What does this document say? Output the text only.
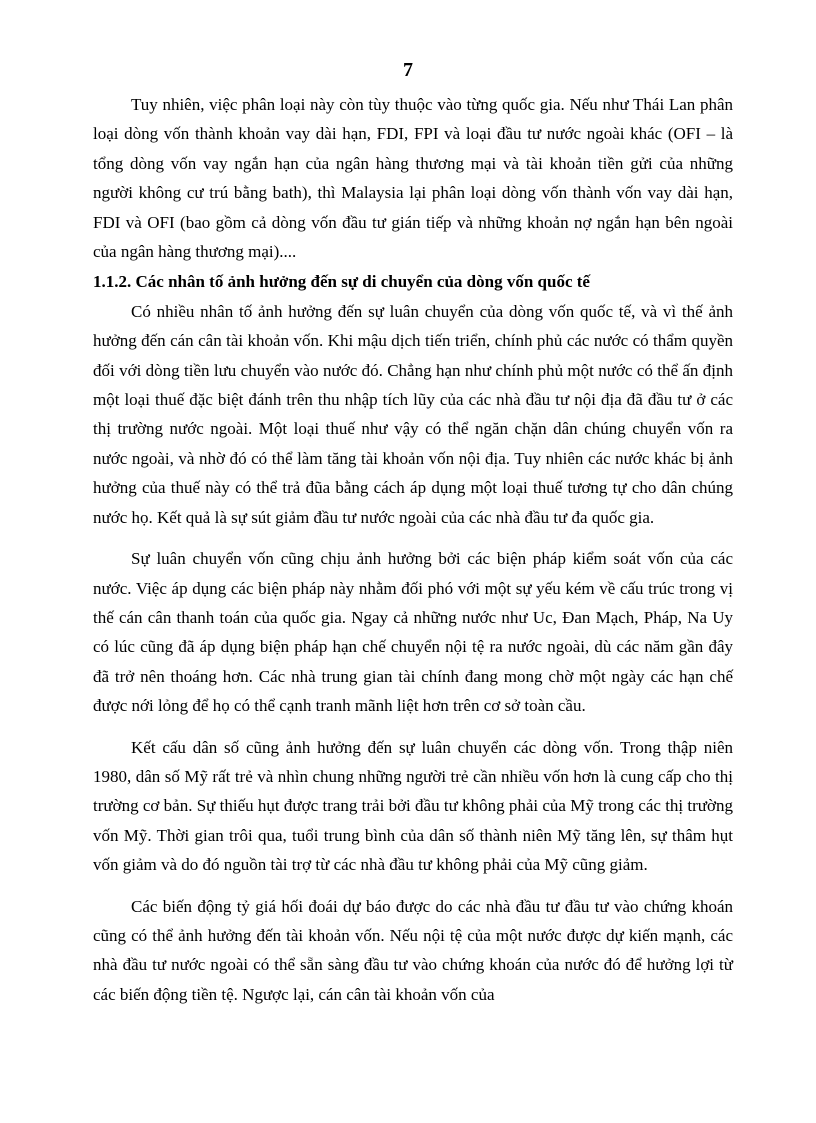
7

Tuy nhiên, việc phân loại này còn tùy thuộc vào từng quốc gia. Nếu như Thái Lan phân loại dòng vốn thành khoản vay dài hạn, FDI, FPI và loại đầu tư nước ngoài khác (OFI – là tổng dòng vốn vay ngắn hạn của ngân hàng thương mại và tài khoản tiền gửi của những người không cư trú bằng bath), thì Malaysia lại phân loại dòng vốn thành vốn vay dài hạn, FDI và OFI (bao gồm cả dòng vốn đầu tư gián tiếp và những khoản nợ ngắn hạn bên ngoài của ngân hàng thương mại)....

1.1.2. Các nhân tố ảnh hưởng đến sự di chuyển của dòng vốn quốc tế

Có nhiều nhân tố ảnh hưởng đến sự luân chuyển của dòng vốn quốc tế, và vì thế ảnh hưởng đến cán cân tài khoản vốn. Khi mậu dịch tiến triển, chính phủ các nước có thẩm quyền đối với dòng tiền lưu chuyển vào nước đó. Chẳng hạn như chính phủ một nước có thể ấn định một loại thuế đặc biệt đánh trên thu nhập tích lũy của các nhà đầu tư nội địa đã đầu tư ở các thị trường nước ngoài. Một loại thuế như vậy có thể ngăn chặn dân chúng chuyển vốn ra nước ngoài, và nhờ đó có thể làm tăng tài khoản vốn nội địa. Tuy nhiên các nước khác bị ảnh hưởng của thuế này có thể trả đũa bằng cách áp dụng một loại thuế tương tự cho dân chúng nước họ. Kết quả là sự sút giảm đầu tư nước ngoài của các nhà đầu tư đa quốc gia.

Sự luân chuyển vốn cũng chịu ảnh hưởng bởi các biện pháp kiểm soát vốn của các nước. Việc áp dụng các biện pháp này nhằm đối phó với một sự yếu kém về cấu trúc trong vị thế cán cân thanh toán của quốc gia. Ngay cả những nước như Uc, Đan Mạch, Pháp, Na Uy có lúc cũng đã áp dụng biện pháp hạn chế chuyển nội tệ ra nước ngoài, dù các năm gần đây đã trở nên thoáng hơn. Các nhà trung gian tài chính đang mong chờ một ngày các hạn chế được nới lỏng để họ có thể cạnh tranh mãnh liệt hơn trên cơ sở toàn cầu.

Kết cấu dân số cũng ảnh hưởng đến sự luân chuyển các dòng vốn. Trong thập niên 1980, dân số Mỹ rất trẻ và nhìn chung những người trẻ cần nhiều vốn hơn là cung cấp cho thị trường cơ bản. Sự thiếu hụt được trang trải bởi đầu tư không phải của Mỹ trong các thị trường vốn Mỹ. Thời gian trôi qua, tuổi trung bình của dân số thành niên Mỹ tăng lên, sự thâm hụt vốn giảm và do đó nguồn tài trợ từ các nhà đầu tư không phải của Mỹ cũng giảm.

Các biến động tỷ giá hối đoái dự báo được do các nhà đầu tư đầu tư vào chứng khoán cũng có thể ảnh hưởng đến tài khoản vốn. Nếu nội tệ của một nước được dự kiến mạnh, các nhà đầu tư nước ngoài có thể sẵn sàng đầu tư vào chứng khoán của nước đó để hưởng lợi từ các biến động tiền tệ. Ngược lại, cán cân tài khoản vốn của
